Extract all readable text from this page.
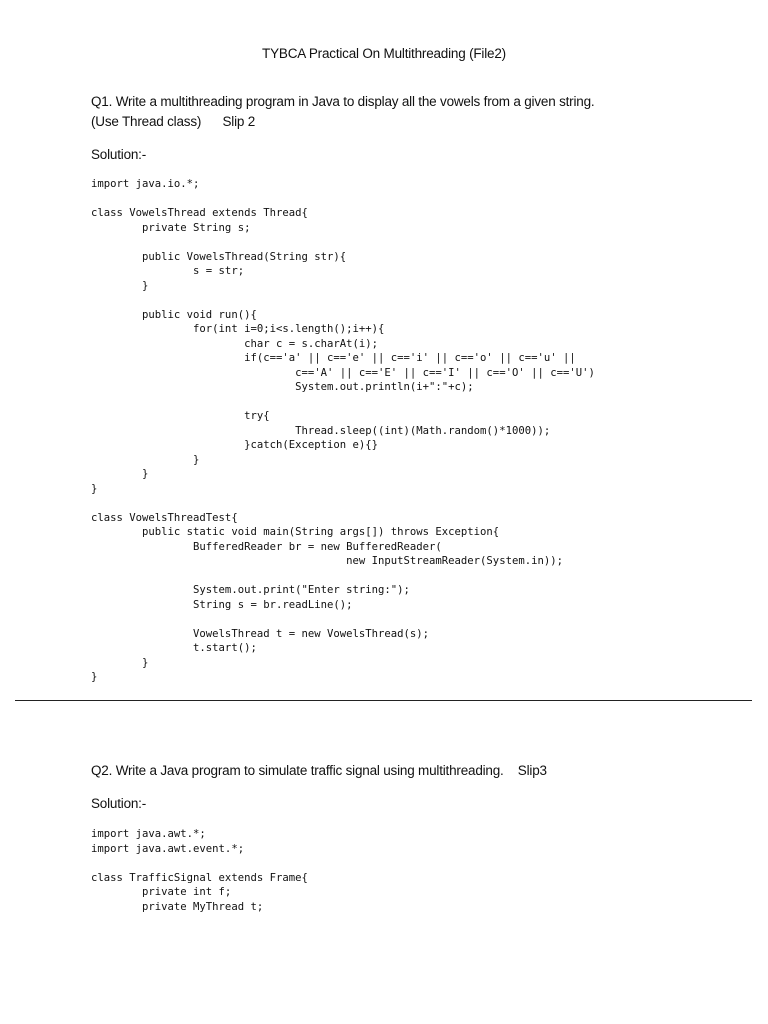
TYBCA Practical On Multithreading (File2)
Q1. Write a multithreading program in Java to display all the vowels from a given string.
(Use Thread class)      Slip 2
Solution:-
import java.io.*;
class VowelsThread extends Thread{
private String s;
public VowelsThread(String str){
s = str;
}
public void run(){
for(int i=0;i<s.length();i++){
char c = s.charAt(i);
if(c=='a' || c=='e' || c=='i' || c=='o' || c=='u' ||
c=='A' || c=='E' || c=='I' || c=='O' || c=='U')
System.out.println(i+":"+c);
try{
Thread.sleep((int)(Math.random()*1000));
}catch(Exception e){}
}
}
}
class VowelsThreadTest{
public static void main(String args[]) throws Exception{
BufferedReader br = new BufferedReader(
new InputStreamReader(System.in));
System.out.print("Enter string:");
String s = br.readLine();
VowelsThread t = new VowelsThread(s);
t.start();
}
}
Q2. Write a Java program to simulate traffic signal using multithreading.    Slip3
Solution:-
import java.awt.*;
import java.awt.event.*;
class TrafficSignal extends Frame{
private int f;
private MyThread t;
